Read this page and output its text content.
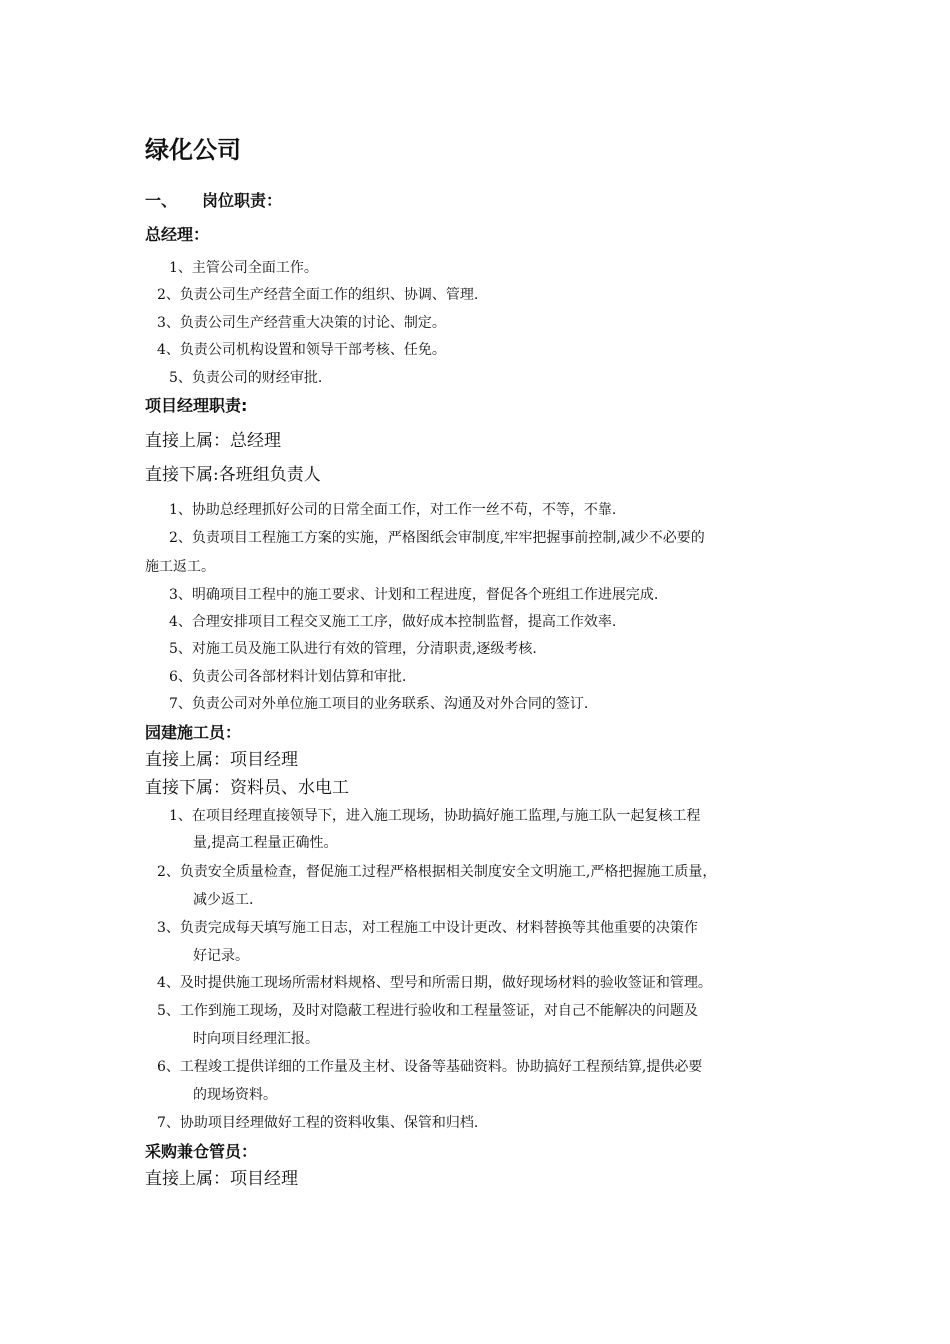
绿化公司
一、 岗位职责：
总经理：
1、主管公司全面工作。
2、负责公司生产经营全面工作的组织、协调、管理.
3、负责公司生产经营重大决策的讨论、制定。
4、负责公司机构设置和领导干部考核、任免。
5、负责公司的财经审批.
项目经理职责:
直接上属：总经理
直接下属:各班组负责人
1、协助总经理抓好公司的日常全面工作，对工作一丝不苟，不等，不靠.
2、负责项目工程施工方案的实施，严格图纸会审制度,牢牢把握事前控制,减少不必要的
施工返工。
3、明确项目工程中的施工要求、计划和工程进度，督促各个班组工作进展完成.
4、合理安排项目工程交叉施工工序，做好成本控制监督，提高工作效率.
5、对施工员及施工队进行有效的管理，分清职责,逐级考核.
6、负责公司各部材料计划估算和审批.
7、负责公司对外单位施工项目的业务联系、沟通及对外合同的签订.
园建施工员：
直接上属：项目经理
直接下属：资料员、水电工
1、在项目经理直接领导下，进入施工现场，协助搞好施工监理,与施工队一起复核工程
量,提高工程量正确性。
2、负责安全质量检查，督促施工过程严格根据相关制度安全文明施工,严格把握施工质量，
减少返工.
3、负责完成每天填写施工日志，对工程施工中设计更改、材料替换等其他重要的决策作
好记录。
4、及时提供施工现场所需材料规格、型号和所需日期，做好现场材料的验收签证和管理。
5、工作到施工现场，及时对隐蔽工程进行验收和工程量签证，对自己不能解决的问题及
时向项目经理汇报。
6、工程竣工提供详细的工作量及主材、设备等基础资料。协助搞好工程预结算,提供必要
的现场资料。
7、协助项目经理做好工程的资料收集、保管和归档.
采购兼仓管员：
直接上属：项目经理
